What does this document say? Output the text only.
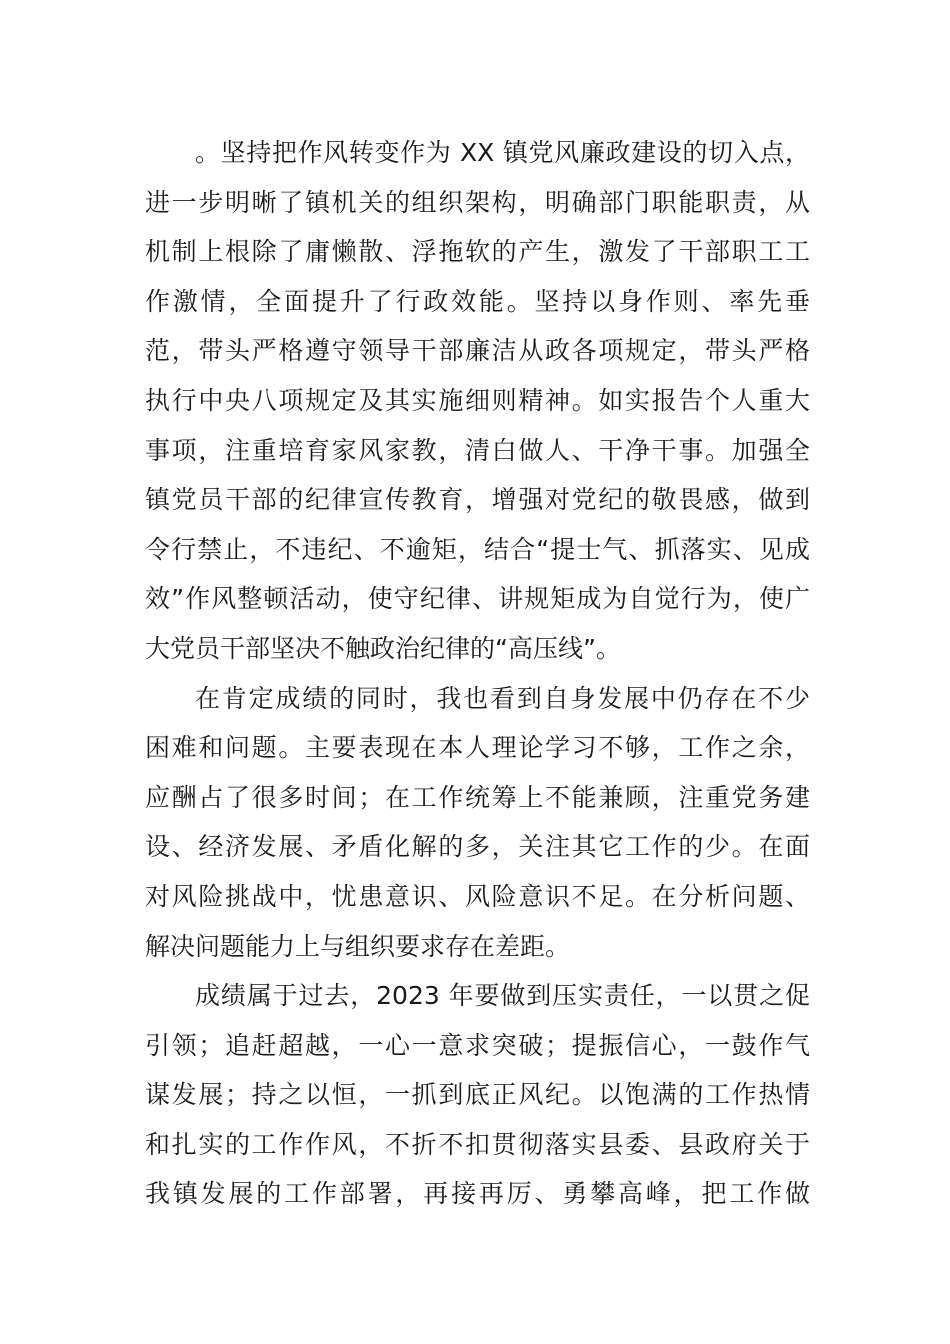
。坚持把作风转变作为 XX 镇党风廉政建设的切入点，
进一步明晰了镇机关的组织架构，明确部门职能职责，从
机制上根除了庸懒散、浮拖软的产生，激发了干部职工工
作激情，全面提升了行政效能。坚持以身作则、率先垂
范，带头严格遵守领导干部廉洁从政各项规定，带头严格
执行中央八项规定及其实施细则精神。如实报告个人重大
事项，注重培育家风家教，清白做人、干净干事。加强全
镇党员干部的纪律宣传教育，增强对党纪的敬畏感，做到
令行禁止，不违纪、不逾矩，结合“提士气、抓落实、见成
效”作风整顿活动，使守纪律、讲规矩成为自觉行为，使广
大党员干部坚决不触政治纪律的“高压线”。
在肯定成绩的同时，我也看到自身发展中仍存在不少
困难和问题。主要表现在本人理论学习不够，工作之余，
应酬占了很多时间；在工作统筹上不能兼顾，注重党务建
设、经济发展、矛盾化解的多，关注其它工作的少。在面
对风险挑战中，忧患意识、风险意识不足。在分析问题、
解决问题能力上与组织要求存在差距。
成绩属于过去，2023 年要做到压实责任，一以贯之促
引领；追赶超越，一心一意求突破；提振信心，一鼓作气
谋发展；持之以恒，一抓到底正风纪。以饱满的工作热情
和扎实的工作作风，不折不扣贯彻落实县委、县政府关于
我镇发展的工作部署，再接再厉、勇攀高峰，把工作做
